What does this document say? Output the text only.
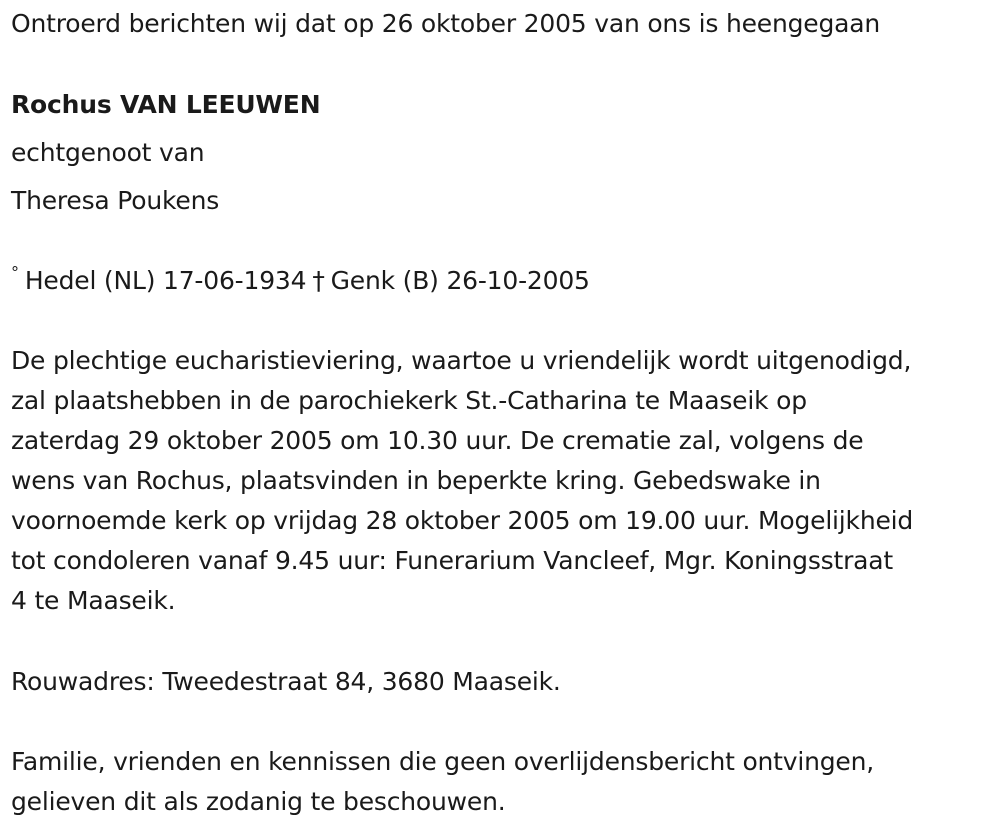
Ontroerd berichten wij dat op 26 oktober 2005 van ons is heengegaan
Rochus VAN LEEUWEN
echtgenoot van
Theresa Poukens
° Hedel (NL) 17-06-1934 † Genk (B) 26-10-2005
De plechtige eucharistieviering, waartoe u vriendelijk wordt uitgenodigd,
zal plaatshebben in de parochiekerk St.-Catharina te Maaseik op
zaterdag 29 oktober 2005 om 10.30 uur. De crematie zal, volgens de
wens van Rochus, plaatsvinden in beperkte kring. Gebedswake in
voornoemde kerk op vrijdag 28 oktober 2005 om 19.00 uur. Mogelijkheid
tot condoleren vanaf 9.45 uur: Funerarium Vancleef, Mgr. Koningsstraat
4 te Maaseik.
Rouwadres: Tweedestraat 84, 3680 Maaseik.
Familie, vrienden en kennissen die geen overlijdensbericht ontvingen,
gelieven dit als zodanig te beschouwen.
